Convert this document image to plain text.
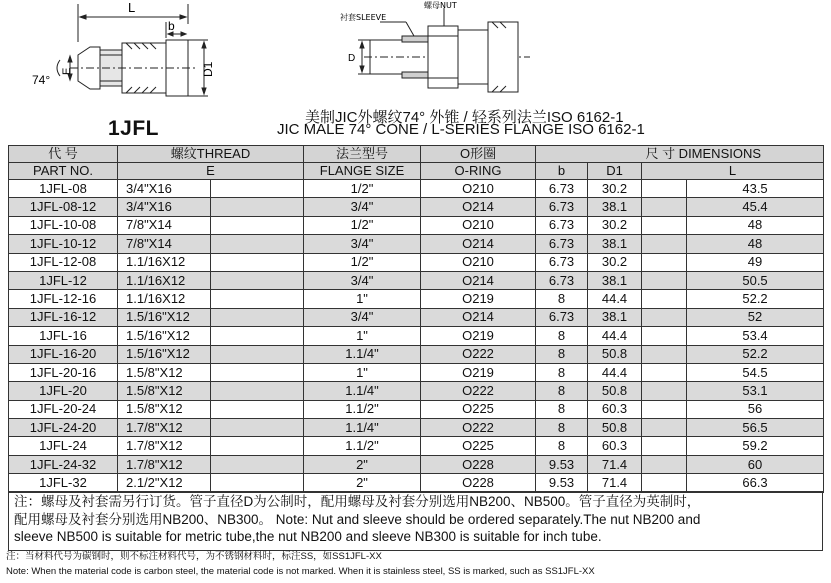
L
b
E	D1
74°
螺母NUT
衬套SLEEVE
D
1JFL	美制JIC外螺纹74° 外锥 / 轻系列法兰ISO 6162-1
JIC MALE 74° CONE / L-SERIES FLANGE ISO 6162-1
代 号	螺纹THREAD		法兰型号	O形圈	尺 寸 DIMENSIONS			
PART NO.	E		FLANGE SIZE	O-RING	b	D1	L	
1JFL-08	3/4"X16		1/2"	O210	6.73	30.2		43.5
1JFL-08-12	3/4"X16		3/4"	O214	6.73	38.1		45.4
1JFL-10-08	7/8"X14		1/2"	O210	6.73	30.2		48
1JFL-10-12	7/8"X14		3/4"	O214	6.73	38.1		48
1JFL-12-08	1.1/16X12		1/2"	O210	6.73	30.2		49
1JFL-12	1.1/16X12		3/4"	O214	6.73	38.1		50.5
1JFL-12-16	1.1/16X12		1"	O219	8	44.4		52.2
1JFL-16-12	1.5/16"X12		3/4"	O214	6.73	38.1		52
1JFL-16	1.5/16"X12		1"	O219	8	44.4		53.4
1JFL-16-20	1.5/16"X12		1.1/4"	O222	8	50.8		52.2
1JFL-20-16	1.5/8"X12		1"	O219	8	44.4		54.5
1JFL-20	1.5/8"X12		1.1/4"	O222	8	50.8		53.1
1JFL-20-24	1.5/8"X12		1.1/2"	O225	8	60.3		56
1JFL-24-20	1.7/8"X12		1.1/4"	O222	8	50.8		56.5
1JFL-24	1.7/8"X12		1.1/2"	O225	8	60.3		59.2
1JFL-24-32	1.7/8"X12		2"	O228	9.53	71.4		60
1JFL-32	2.1/2"X12		2"	O228	9.53	71.4		66.3
注：螺母及衬套需另行订货。管子直径D为公制时，配用螺母及衬套分别选用NB200、NB500。管子直径为英制时，
配用螺母及衬套分别选用NB200、NB300。 Note: Nut and sleeve should be ordered separately.The nut NB200 and
sleeve NB500 is suitable for metric tube,the nut NB200 and sleeve NB300 is suitable for inch tube.
注：当材料代号为碳钢时，则不标注材料代号，为不锈钢材料时，标注SS，如SS1JFL-XX
Note: When the material code is carbon steel, the material code is not marked. When it is stainless steel, SS is marked, such as SS1JFL-XX
